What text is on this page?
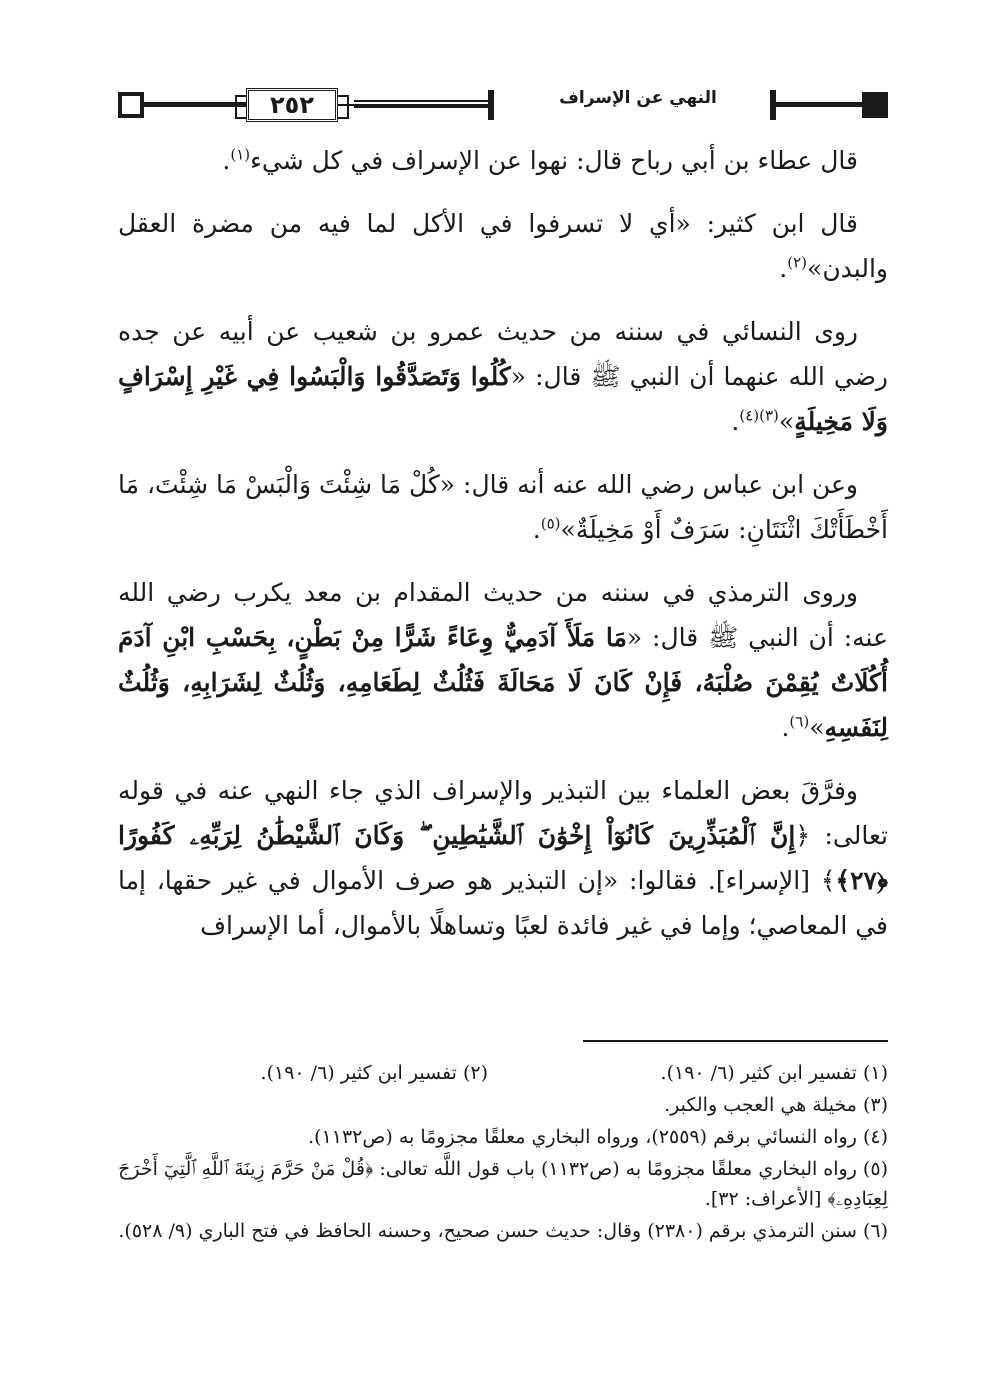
٢٥٢	النهي عن الإسراف

قال عطاء بن أبي رباح قال: نهوا عن الإسراف في كل شيء$^{(١)}$.

قال ابن كثير: «أي لا تسرفوا في الأكل لما فيه من مضرة العقل والبدن»$^{(٢)}$.

روى النسائي في سننه من حديث عمرو بن شعيب عن أبيه عن جده رضي الله عنهما أن النبي ﷺ قال: «كُلُوا وَتَصَدَّقُوا وَالْبَسُوا فِي غَيْرِ إِسْرَافٍ وَلَا مَخِيلَةٍ»$^{(٣)(٤)}$.

وعن ابن عباس رضي الله عنه أنه قال: «كُلْ مَا شِئْتَ وَالْبَسْ مَا شِئْتَ، مَا أَخْطَأَتْكَ اثْنَتَانِ: سَرَفٌ أَوْ مَخِيلَةٌ»$^{(٥)}$.

وروى الترمذي في سننه من حديث المقدام بن معد يكرب رضي الله عنه: أن النبي ﷺ قال: «مَا مَلَأَ آدَمِيٌّ وِعَاءً شَرًّا مِنْ بَطْنٍ، بِحَسْبِ ابْنِ آدَمَ أُكُلَاتٌ يُقِمْنَ صُلْبَهُ، فَإِنْ كَانَ لَا مَحَالَةَ فَثُلُثٌ لِطَعَامِهِ، وَثُلُثٌ لِشَرَابِهِ، وَثُلُثٌ لِنَفَسِهِ»$^{(٦)}$.

وفرَّقَ بعض العلماء بين التبذير والإسراف الذي جاء النهي عنه في قوله تعالى: ﴿إِنَّ ٱلْمُبَذِّرِينَ كَانُوٓاْ إِخْوَٰنَ ٱلشَّيَٰطِينِ ۖ وَكَانَ ٱلشَّيْطَٰنُ لِرَبِّهِۦ كَفُورًا ﴿٢٧﴾﴾ [الإسراء]. فقالوا: «إن التبذير هو صرف الأموال في غير حقها، إما في المعاصي؛ وإما في غير فائدة لعبًا وتساهلًا بالأموال، أما الإسراف

(١) تفسير ابن كثير (٦/ ١٩٠).
(٢) تفسير ابن كثير (٦/ ١٩٠).
(٣) مخيلة هي العجب والكبر.
(٤) رواه النسائي برقم (٢٥٥٩)، ورواه البخاري معلقًا مجزومًا به (ص١١٣٢).
(٥) رواه البخاري معلقًا مجزومًا به (ص١١٣٢) باب قول اللَّه تعالى: ﴿قُلْ مَنْ حَرَّمَ زِينَةَ ٱللَّهِ ٱلَّتِيٓ أَخْرَجَ لِعِبَادِهِۦ﴾ [الأعراف: ٣٢].
(٦) سنن الترمذي برقم (٢٣٨٠) وقال: حديث حسن صحيح، وحسنه الحافظ في فتح الباري (٩/ ٥٢٨).
